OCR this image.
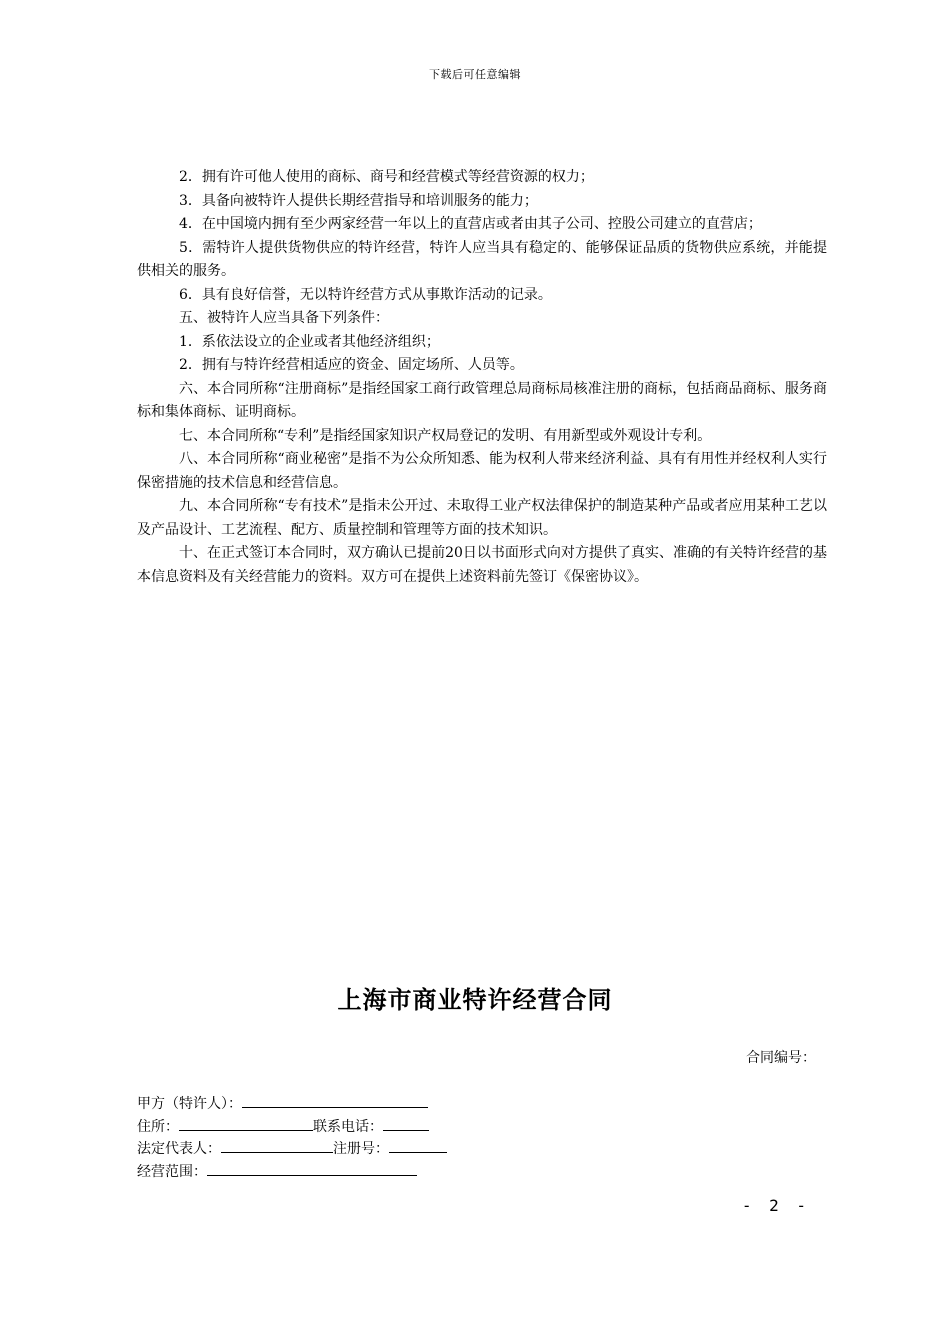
下载后可任意编辑

2．拥有许可他人使用的商标、商号和经营模式等经营资源的权力；

3．具备向被特许人提供长期经营指导和培训服务的能力；

4．在中国境内拥有至少两家经营一年以上的直营店或者由其子公司、控股公司建立的直营店；

5．需特许人提供货物供应的特许经营，特许人应当具有稳定的、能够保证品质的货物供应系统，并能提供相关的服务。

6．具有良好信誉，无以特许经营方式从事欺诈活动的记录。

五、被特许人应当具备下列条件：

1．系依法设立的企业或者其他经济组织；

2．拥有与特许经营相适应的资金、固定场所、人员等。

六、本合同所称“注册商标”是指经国家工商行政管理总局商标局核准注册的商标，包括商品商标、服务商标和集体商标、证明商标。

七、本合同所称“专利”是指经国家知识产权局登记的发明、有用新型或外观设计专利。

八、本合同所称“商业秘密”是指不为公众所知悉、能为权利人带来经济利益、具有有用性并经权利人实行保密措施的技术信息和经营信息。

九、本合同所称“专有技术”是指未公开过、未取得工业产权法律保护的制造某种产品或者应用某种工艺以及产品设计、工艺流程、配方、质量控制和管理等方面的技术知识。

十、在正式签订本合同时，双方确认已提前20日以书面形式向对方提供了真实、准确的有关特许经营的基本信息资料及有关经营能力的资料。双方可在提供上述资料前先签订《保密协议》。

上海市商业特许经营合同
合同编号：
甲方（特许人）：
住所：	联系电话：
法定代表人：	注册号：
经营范围：
- 2 -
